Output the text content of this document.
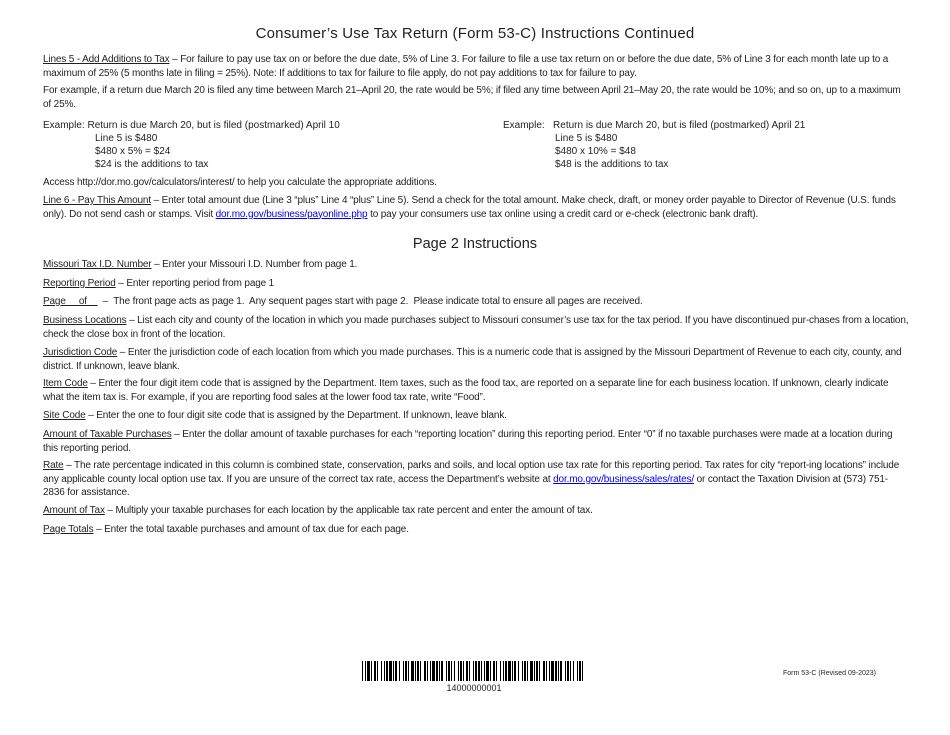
Consumer’s Use Tax Return (Form 53-C) Instructions Continued
Lines 5 - Add Additions to Tax – For failure to pay use tax on or before the due date, 5% of Line 3. For failure to file a use tax return on or before the due date, 5% of Line 3 for each month late up to a maximum of 25% (5 months late in filing = 25%). Note: If additions to tax for failure to file apply, do not pay additions to tax for failure to pay.
For example, if a return due March 20 is filed any time between March 21–April 20, the rate would be 5%; if filed any time between April 21–May 20, the rate would be 10%; and so on, up to a maximum of 25%.
Example: Return is due March 20, but is filed (postmarked) April 10
Line 5 is $480
$480 x 5% = $24
$24 is the additions to tax
Example: Return is due March 20, but is filed (postmarked) April 21
Line 5 is $480
$480 x 10% = $48
$48 is the additions to tax
Access http://dor.mo.gov/calculators/interest/ to help you calculate the appropriate additions.
Line 6 - Pay This Amount – Enter total amount due (Line 3 “plus” Line 4 “plus” Line 5). Send a check for the total amount. Make check, draft, or money order payable to Director of Revenue (U.S. funds only). Do not send cash or stamps. Visit dor.mo.gov/business/payonline.php to pay your consumers use tax online using a credit card or e-check (electronic bank draft).
Page 2 Instructions
Missouri Tax I.D. Number – Enter your Missouri I.D. Number from page 1.
Reporting Period – Enter reporting period from page 1
Page     of      –  The front page acts as page 1.  Any sequent pages start with page 2.  Please indicate total to ensure all pages are received.
Business Locations – List each city and county of the location in which you made purchases subject to Missouri consumer’s use tax for the tax period. If you have discontinued pur-chases from a location, check the close box in front of the location.
Jurisdiction Code – Enter the jurisdiction code of each location from which you made purchases. This is a numeric code that is assigned by the Missouri Department of Revenue to each city, county, and district. If unknown, leave blank.
Item Code – Enter the four digit item code that is assigned by the Department. Item taxes, such as the food tax, are reported on a separate line for each business location. If unknown, clearly indicate what the item tax is. For example, if you are reporting food sales at the lower food tax rate, write “Food”.
Site Code – Enter the one to four digit site code that is assigned by the Department. If unknown, leave blank.
Amount of Taxable Purchases – Enter the dollar amount of taxable purchases for each “reporting location” during this reporting period. Enter “0” if no taxable purchases were made at a location during this reporting period.
Rate – The rate percentage indicated in this column is combined state, conservation, parks and soils, and local option use tax rate for this reporting period. Tax rates for city “report-ing locations” include any applicable county local option use tax. If you are unsure of the correct tax rate, access the Department’s website at dor.mo.gov/business/sales/rates/ or contact the Taxation Division at (573) 751-2836 for assistance.
Amount of Tax – Multiply your taxable purchases for each location by the applicable tax rate percent and enter the amount of tax.
Page Totals – Enter the total taxable purchases and amount of tax due for each page.
14000000001
Form 53-C (Revised 09-2023)
